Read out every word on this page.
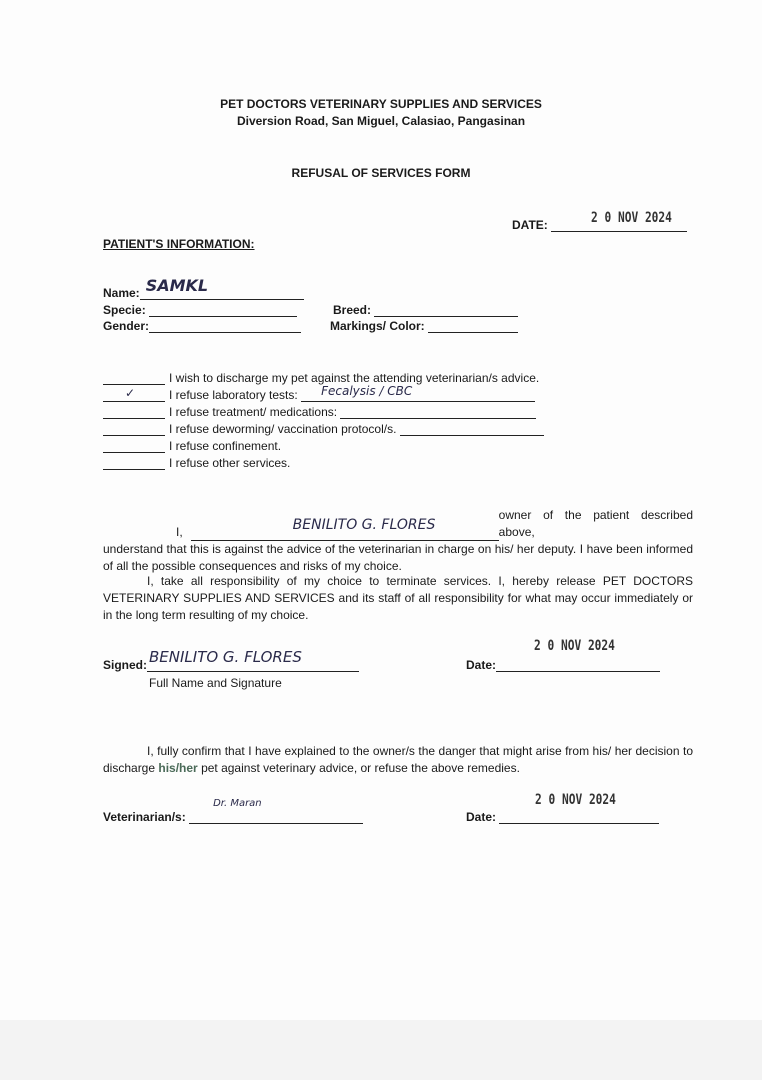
PET DOCTORS VETERINARY SUPPLIES AND SERVICES
Diversion Road, San Miguel, Calasiao, Pangasinan
REFUSAL OF SERVICES FORM
DATE:	2 0 NOV 2024
PATIENT'S INFORMATION:
Name: SAMKL
Specie:	Breed:
Gender:	Markings/ Color:
I wish to discharge my pet against the attending veterinarian/s advice.
✓	I refuse laboratory tests: Fecalysis / CBC
I refuse treatment/ medications:
I refuse deworming/ vaccination protocol/s.
I refuse confinement.
I refuse other services.
I,	BENILITO G. FLORES
owner of the patient described above,
understand that this is against the advice of the veterinarian in charge on his/ her deputy. I have been informed of all the possible consequences and risks of my choice.
I, take all responsibility of my choice to terminate services. I, hereby release PET DOCTORS VETERINARY SUPPLIES AND SERVICES and its staff of all responsibility for what may occur immediately or in the long term resulting of my choice.
Signed: BENILITO G. FLORES
Full Name and Signature
Date:
2 0 NOV 2024
I, fully confirm that I have explained to the owner/s the danger that might arise from his/ her decision to discharge his/her pet against veterinary advice, or refuse the above remedies.
Veterinarian/s:
Dr. Maran
Date:
2 0 NOV 2024
